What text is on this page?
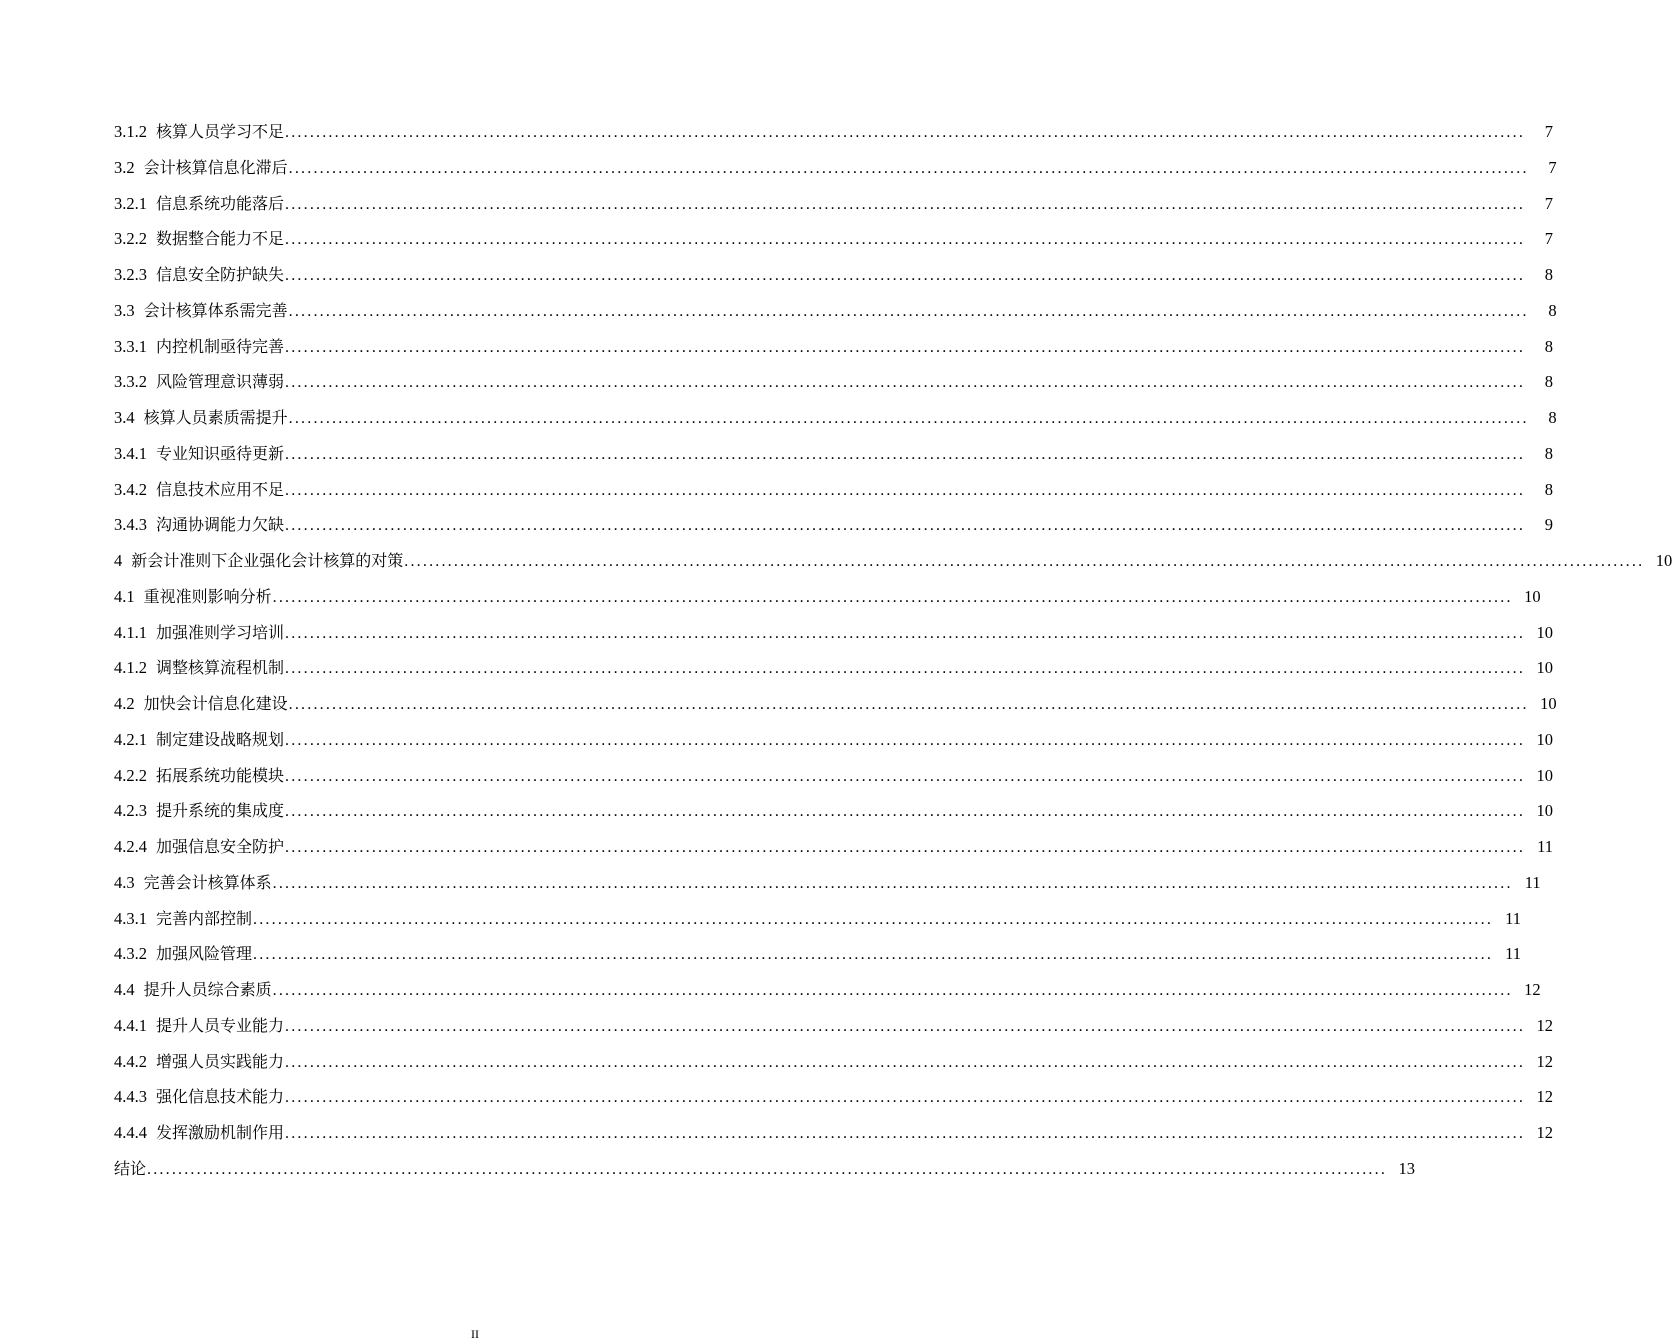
3.1.2 核算人员学习不足 ........................................................................................................................................................................................................	7
3.2 会计核算信息化滞后 ........................................................................................................................................................................................................	7
3.2.1 信息系统功能落后 ........................................................................................................................................................................................................	7
3.2.2 数据整合能力不足 ........................................................................................................................................................................................................	7
3.2.3 信息安全防护缺失 ........................................................................................................................................................................................................	8
3.3 会计核算体系需完善 ........................................................................................................................................................................................................	8
3.3.1 内控机制亟待完善 ........................................................................................................................................................................................................	8
3.3.2 风险管理意识薄弱 ........................................................................................................................................................................................................	8
3.4 核算人员素质需提升 ........................................................................................................................................................................................................	8
3.4.1 专业知识亟待更新 ........................................................................................................................................................................................................	8
3.4.2 信息技术应用不足 ........................................................................................................................................................................................................	8
3.4.3 沟通协调能力欠缺 ........................................................................................................................................................................................................	9
4 新会计准则下企业强化会计核算的对策 ........................................................................................................................................................................................................ 10
4.1 重视准则影响分析 ........................................................................................................................................................................................................ 10
4.1.1 加强准则学习培训 ........................................................................................................................................................................................................ 10
4.1.2 调整核算流程机制 ........................................................................................................................................................................................................ 10
4.2 加快会计信息化建设 ........................................................................................................................................................................................................ 10
4.2.1 制定建设战略规划 ........................................................................................................................................................................................................ 10
4.2.2 拓展系统功能模块 ........................................................................................................................................................................................................ 10
4.2.3 提升系统的集成度 ........................................................................................................................................................................................................ 10
4.2.4 加强信息安全防护 ........................................................................................................................................................................................................ 11
4.3 完善会计核算体系 ........................................................................................................................................................................................................ 11
4.3.1 完善内部控制 ........................................................................................................................................................................................................ 11
4.3.2 加强风险管理 ........................................................................................................................................................................................................ 11
4.4 提升人员综合素质 ........................................................................................................................................................................................................ 12
4.4.1 提升人员专业能力 ........................................................................................................................................................................................................ 12
4.4.2 增强人员实践能力 ........................................................................................................................................................................................................ 12
4.4.3 强化信息技术能力 ........................................................................................................................................................................................................ 12
4.4.4 发挥激励机制作用 ........................................................................................................................................................................................................ 12
结论 ........................................................................................................................................................................................................ 13
II
